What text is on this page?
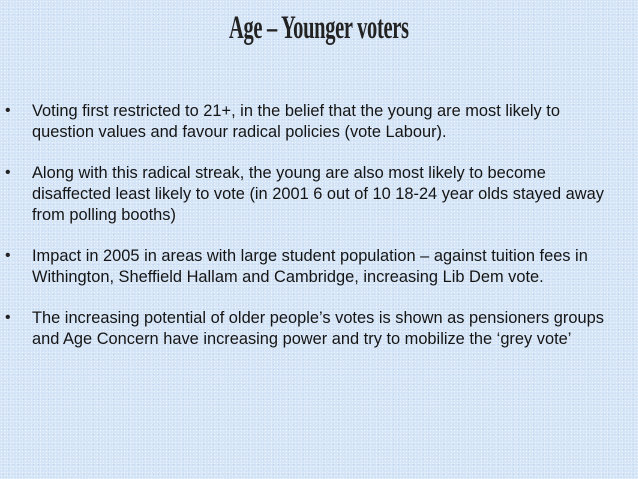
Age – Younger voters
• Voting first restricted to 21+, in the belief that the young are most likely to question values and favour radical policies (vote Labour).
• Along with this radical streak, the young are also most likely to become disaffected least likely to vote (in 2001 6 out of 10 18-24 year olds stayed away from polling booths)
• Impact in 2005 in areas with large student population – against tuition fees in Withington, Sheffield Hallam and Cambridge, increasing Lib Dem vote.
• The increasing potential of older people’s votes is shown as pensioners groups and Age Concern have increasing power and try to mobilize the ‘grey vote’
